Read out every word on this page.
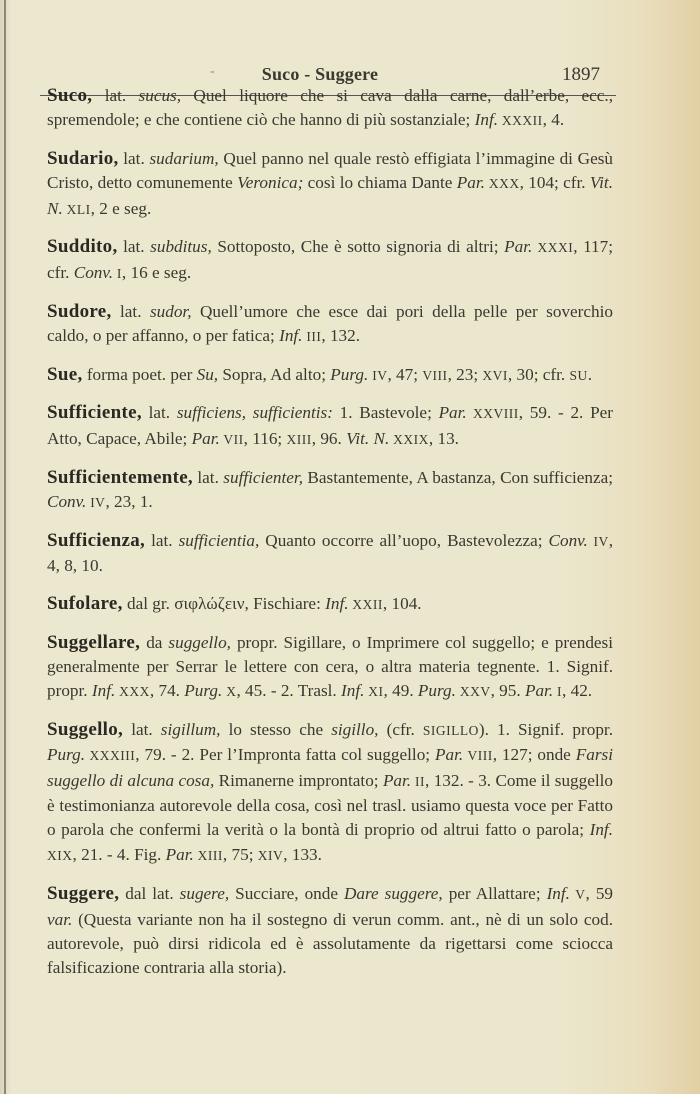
-	Suco - Suggere	1897

Suco, lat. sucus, Quel liquore che si cava dalla carne, dall’erbe, ecc., spremendole; e che contiene ciò che hanno di più sostanziale; Inf. XXXII, 4.

Sudario, lat. sudarium, Quel panno nel quale restò effigiata l’immagine di Gesù Cristo, detto comunemente Veronica; così lo chiama Dante Par. XXX, 104; cfr. Vit. N. XLI, 2 e seg.

Suddito, lat. subditus, Sottoposto, Che è sotto signoria di altri; Par. XXXI, 117; cfr. Conv. I, 16 e seg.

Sudore, lat. sudor, Quell’umore che esce dai pori della pelle per soverchio caldo, o per affanno, o per fatica; Inf. III, 132.

Sue, forma poet. per Su, Sopra, Ad alto; Purg. IV, 47; VIII, 23; XVI, 30; cfr. SU.

Sufficiente, lat. sufficiens, sufficientis: 1. Bastevole; Par. XXVIII, 59. - 2. Per Atto, Capace, Abile; Par. VII, 116; XIII, 96. Vit. N. XXIX, 13.

Sufficientemente, lat. sufficienter, Bastantemente, A bastanza, Con sufficienza; Conv. IV, 23, 1.

Sufficienza, lat. sufficientia, Quanto occorre all’uopo, Bastevolezza; Conv. IV, 4, 8, 10.

Sufolare, dal gr. σιφλώζειν, Fischiare: Inf. XXII, 104.

Suggellare, da suggello, propr. Sigillare, o Imprimere col suggello; e prendesi generalmente per Serrar le lettere con cera, o altra materia tegnente. 1. Signif. propr. Inf. XXX, 74. Purg. X, 45. - 2. Trasl. Inf. XI, 49. Purg. XXV, 95. Par. I, 42.

Suggello, lat. sigillum, lo stesso che sigillo, (cfr. SIGILLO). 1. Signif. propr. Purg. XXXIII, 79. - 2. Per l’Impronta fatta col suggello; Par. VIII, 127; onde Farsi suggello di alcuna cosa, Rimanerne improntato; Par. II, 132. - 3. Come il suggello è testimonianza autorevole della cosa, così nel trasl. usiamo questa voce per Fatto o parola che confermi la verità o la bontà di proprio od altrui fatto o parola; Inf. XIX, 21. - 4. Fig. Par. XIII, 75; XIV, 133.

Suggere, dal lat. sugere, Succiare, onde Dare suggere, per Allattare; Inf. V, 59 var. (Questa variante non ha il sostegno di verun comm. ant., nè di un solo cod. autorevole, può dirsi ridicola ed è assolutamente da rigettarsi come sciocca falsificazione contraria alla storia).
